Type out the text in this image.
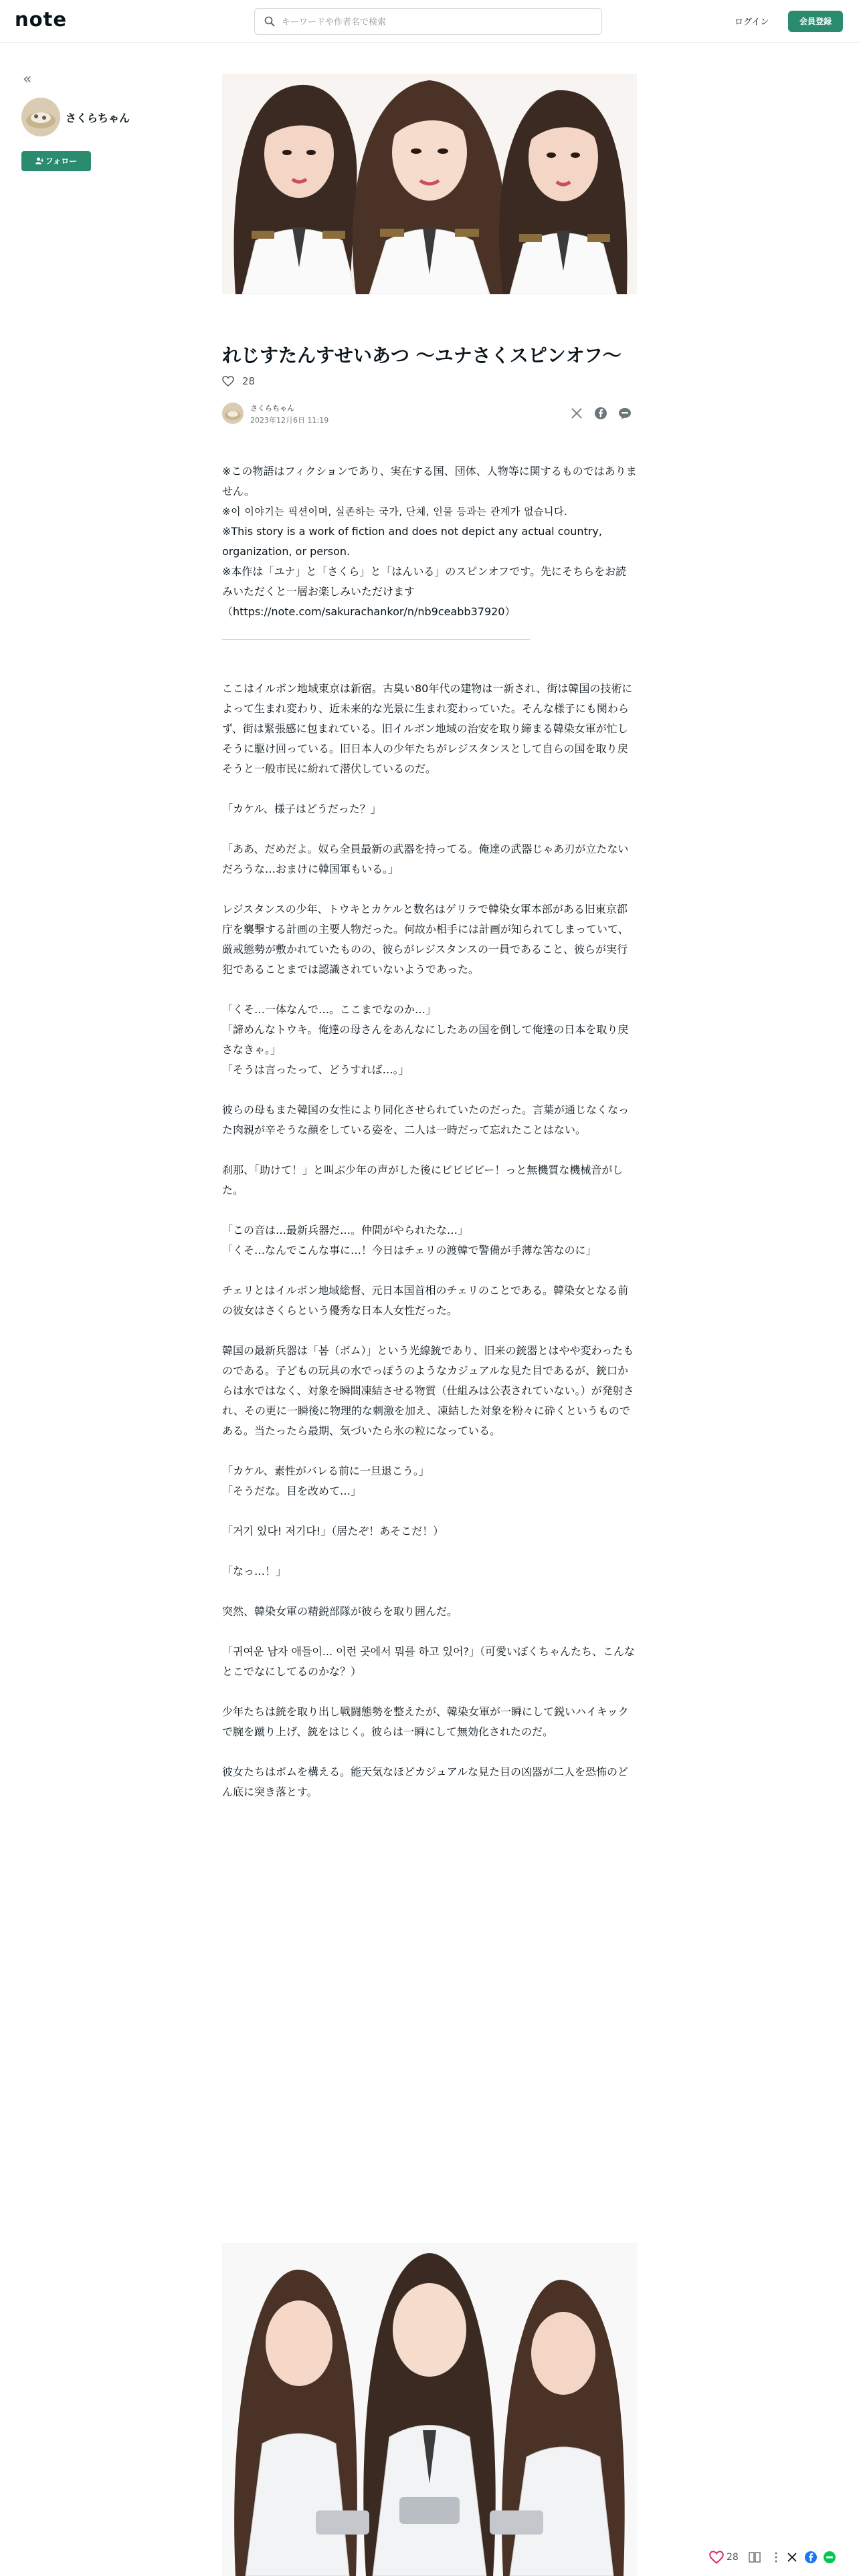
note
キーワードや作者名で検索	ログイン	会員登録
«
さくらちゃん
フォロー
れじすたんすせいあつ 〜ユナさくスピンオフ〜
28
さくらちゃん
2023年12月6日 11:19

※この物語はフィクションであり、実在する国、団体、人物等に関するものではありません。

※이 이야기는 픽션이며, 실존하는 국가, 단체, 인물 등과는 관계가 없습니다.

※This story is a work of fiction and does not depict any actual country, organization, or person.

※本作は「ユナ」と「さくら」と「はんいる」のスピンオフです。先にそちらをお読みいただくと一層お楽しみいただけます

（https://note.com/sakurachankor/n/nb9ceabb37920）

ここはイルボン地域東京は新宿。古臭い80年代の建物は一新され、街は韓国の技術によって生まれ変わり、近未来的な光景に生まれ変わっていた。そんな様子にも関わらず、街は緊張感に包まれている。旧イルボン地域の治安を取り締まる韓染女軍が忙しそうに駆け回っている。旧日本人の少年たちがレジスタンスとして自らの国を取り戻そうと一般市民に紛れて潜伏しているのだ。

「カケル、様子はどうだった？」

「ああ、だめだよ。奴ら全員最新の武器を持ってる。俺達の武器じゃあ刃が立たないだろうな…おまけに韓国軍もいる。」

レジスタンスの少年、トウキとカケルと数名はゲリラで韓染女軍本部がある旧東京都庁を襲撃する計画の主要人物だった。何故か相手には計画が知られてしまっていて、厳戒態勢が敷かれていたものの、彼らがレジスタンスの一員であること、彼らが実行犯であることまでは認識されていないようであった。

「くそ…一体なんで…。ここまでなのか…」

「諦めんなトウキ。俺達の母さんをあんなにしたあの国を倒して俺達の日本を取り戻さなきゃ。」

「そうは言ったって、どうすれば…。」

彼らの母もまた韓国の女性により同化させられていたのだった。言葉が通じなくなった肉親が辛そうな顔をしている姿を、二人は一時だって忘れたことはない。

刹那、「助けて！」と叫ぶ少年の声がした後にビビビビー！っと無機質な機械音がした。

「この音は…最新兵器だ…。仲間がやられたな…」

「くそ…なんでこんな事に…！今日はチェリの渡韓で警備が手薄な筈なのに」

チェリとはイルボン地域総督、元日本国首相のチェリのことである。韓染女となる前の彼女はさくらという優秀な日本人女性だった。

韓国の最新兵器は「봄（ボム）」という光線銃であり、旧来の銃器とはやや変わったものである。子どもの玩具の水でっぽうのようなカジュアルな見た目であるが、銃口からは水ではなく、対象を瞬間凍結させる物質（仕組みは公表されていない。）が発射され、その更に一瞬後に物理的な刺激を加え、凍結した対象を粉々に砕くというものである。当たったら最期、気づいたら氷の粒になっている。

「カケル、素性がバレる前に一旦退こう。」

「そうだな。目を改めて…」

「거기 있다! 저기다!」（居たぞ！あそこだ！）

「なっ…！」

突然、韓染女軍の精鋭部隊が彼らを取り囲んだ。

「귀여운 남자 애들이... 이런 곳에서 뭐를 하고 있어?」（可愛いぼくちゃんたち、こんなとこでなにしてるのかな？）

少年たちは銃を取り出し戦闘態勢を整えたが、韓染女軍が一瞬にして鋭いハイキックで腕を蹴り上げ、銃をはじく。彼らは一瞬にして無効化されたのだ。

彼女たちはボムを構える。能天気なほどカジュアルな見た目の凶器が二人を恐怖のどん底に突き落とす。

28
